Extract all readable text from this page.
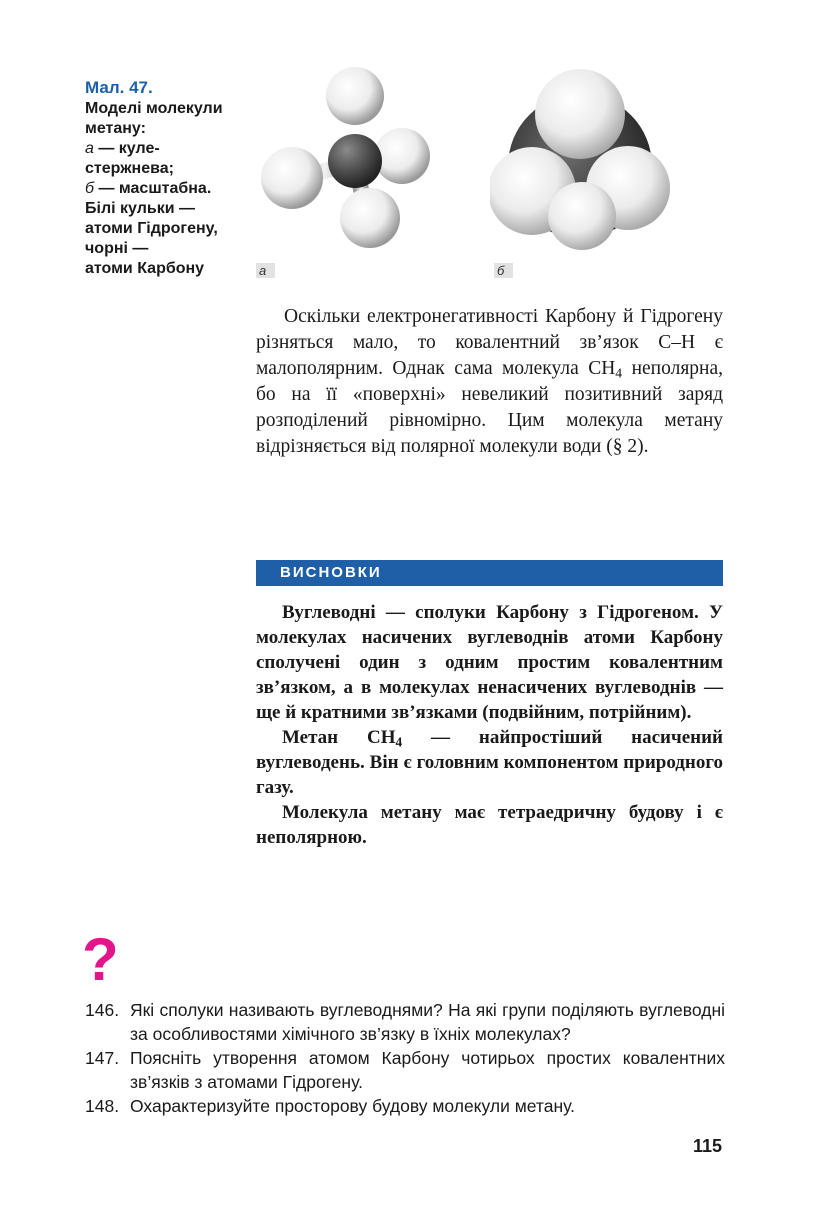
Мал. 47.
Моделі молекули
метану:
а — куле-
стержнева;
б — масштабна.
Білі кульки —
атоми Гідрогену,
чорні —
атоми Карбону	а	б

Оскільки електронегативності Карбону й Гідрогену різняться мало, то ковалентний зв’язок С–Н є малополярним. Однак сама молекула $СН_4$ неполярна, бо на її «поверхні» невеликий позитивний заряд розподілений рівномірно. Цим молекула метану відрізняється від полярної молекули води (§ 2).

ВИСНОВКИ

Вуглеводні — сполуки Карбону з Гідрогеном. У молекулах насичених вуглеводнів атоми Карбону сполучені один з одним простим ковалентним зв’язком, а в молекулах ненасичених вуглеводнів — ще й кратними зв’язками (подвійним, потрійним).

Метан $СН_4$ — найпростіший насичений вуглеводень. Він є головним компонентом природного газу.

Молекула метану має тетраедричну будову і є неполярною.

?
146. Які сполуки називають вуглеводнями? На які групи поділяють вуглеводні за особливостями хімічного зв’язку в їхніх молекулах?
147. Поясніть утворення атомом Карбону чотирьох простих ковалентних зв’язків з атомами Гідрогену.
148. Охарактеризуйте просторову будову молекули метану.
115
